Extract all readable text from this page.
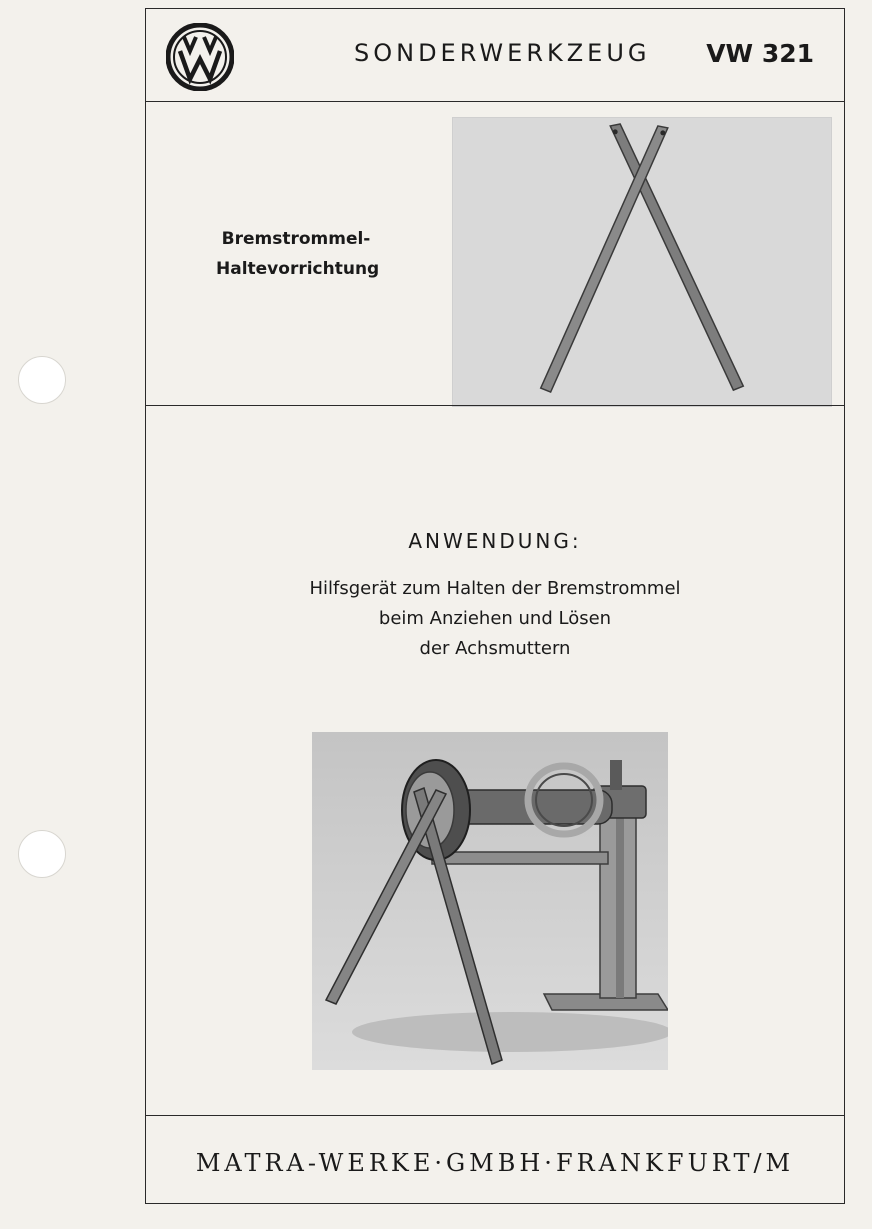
SONDERWERKZEUG VW 321
Bremstrommel-
Haltevorrichtung
ANWENDUNG:
Hilfsgerät zum Halten der Bremstrommel
beim Anziehen und Lösen
der Achsmuttern
MATRA-WERKE·GMBH·FRANKFURT/M
